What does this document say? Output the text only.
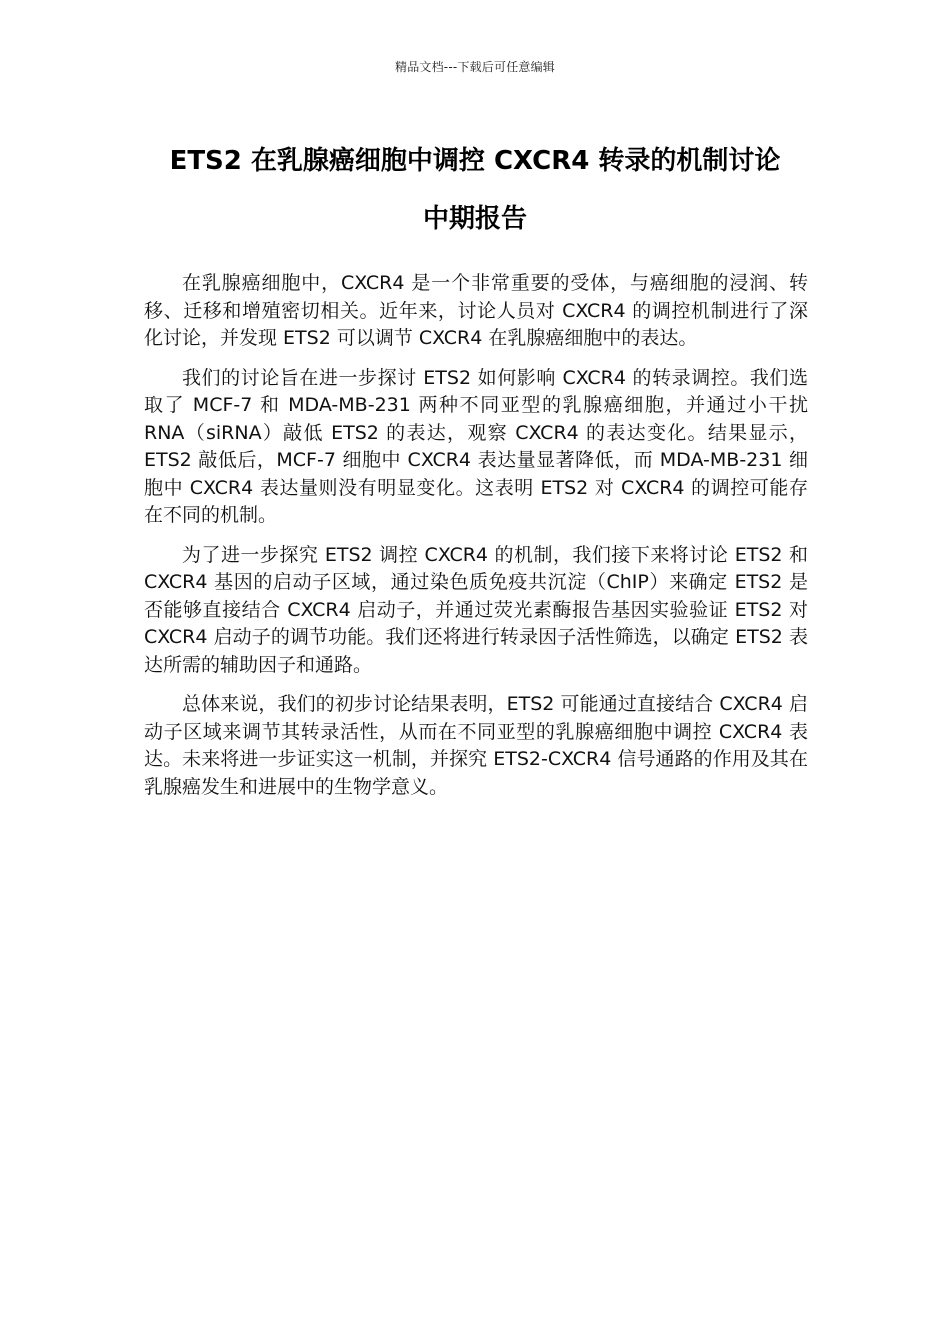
精品文档---下载后可任意编辑
ETS2 在乳腺癌细胞中调控 CXCR4 转录的机制讨论
中期报告

在乳腺癌细胞中，CXCR4 是一个非常重要的受体，与癌细胞的浸润、转移、迁移和增殖密切相关。近年来，讨论人员对 CXCR4 的调控机制进行了深化讨论，并发现 ETS2 可以调节 CXCR4 在乳腺癌细胞中的表达。

我们的讨论旨在进一步探讨 ETS2 如何影响 CXCR4 的转录调控。我们选取了 MCF-7 和 MDA-MB-231 两种不同亚型的乳腺癌细胞，并通过小干扰 RNA（siRNA）敲低 ETS2 的表达，观察 CXCR4 的表达变化。结果显示，ETS2 敲低后，MCF-7 细胞中 CXCR4 表达量显著降低，而 MDA-MB-231 细胞中 CXCR4 表达量则没有明显变化。这表明 ETS2 对 CXCR4 的调控可能存在不同的机制。

为了进一步探究 ETS2 调控 CXCR4 的机制，我们接下来将讨论 ETS2 和 CXCR4 基因的启动子区域，通过染色质免疫共沉淀（ChIP）来确定 ETS2 是否能够直接结合 CXCR4 启动子，并通过荧光素酶报告基因实验验证 ETS2 对 CXCR4 启动子的调节功能。我们还将进行转录因子活性筛选，以确定 ETS2 表达所需的辅助因子和通路。

总体来说，我们的初步讨论结果表明，ETS2 可能通过直接结合 CXCR4 启动子区域来调节其转录活性，从而在不同亚型的乳腺癌细胞中调控 CXCR4 表达。未来将进一步证实这一机制，并探究 ETS2-CXCR4 信号通路的作用及其在乳腺癌发生和进展中的生物学意义。
